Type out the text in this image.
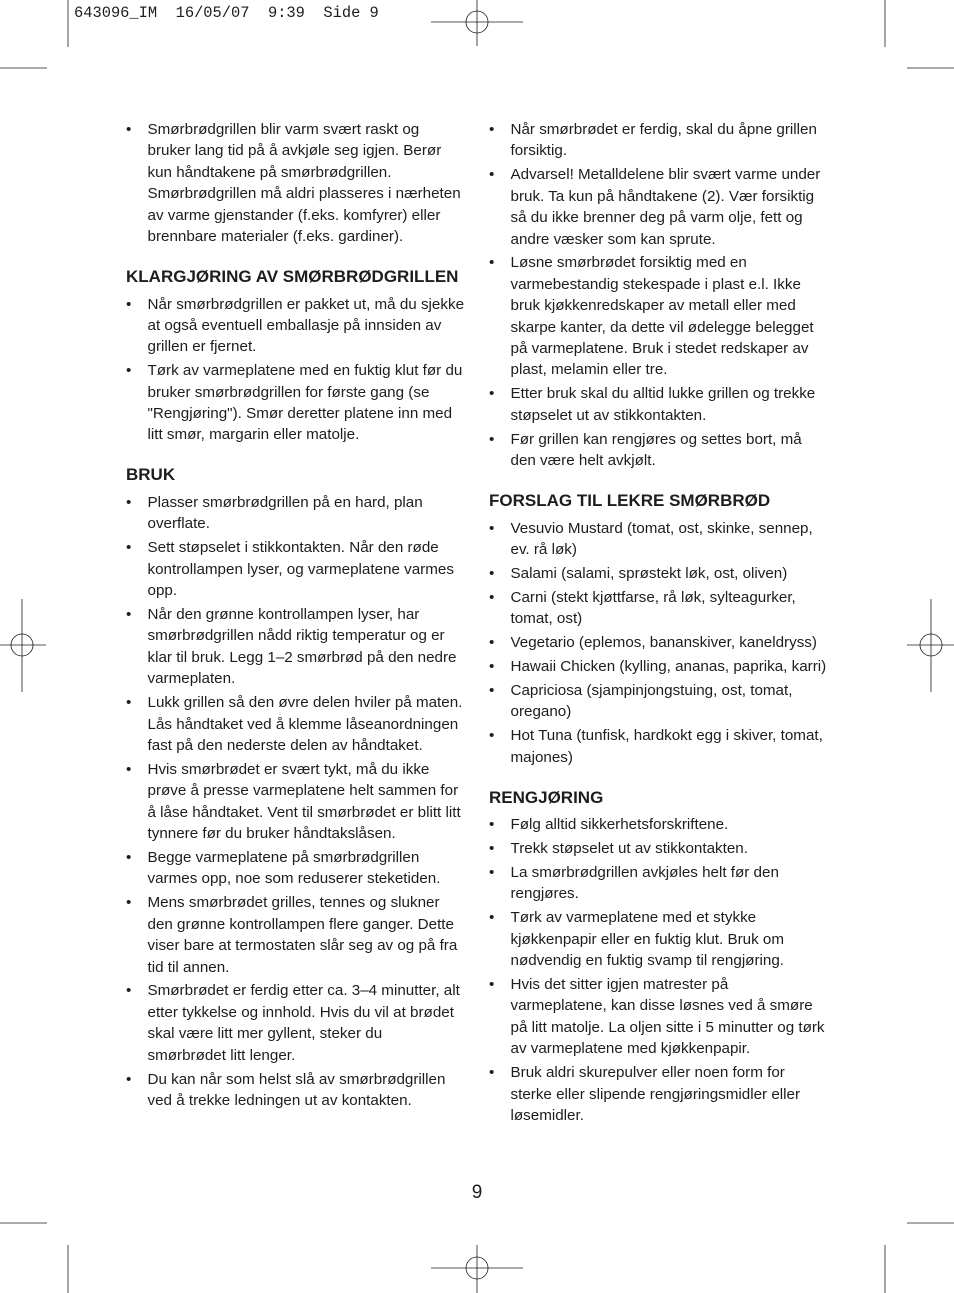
643096_IM  16/05/07  9:39  Side 9
• Smørbrødgrillen blir varm svært raskt og
bruker lang tid på å avkjøle seg igjen. Berør
kun håndtakene på smørbrødgrillen.
Smørbrødgrillen må aldri plasseres i nærheten
av varme gjenstander (f.eks. komfyrer) eller
brennbare materialer (f.eks. gardiner).
KLARGJØRING AV SMØRBRØDGRILLEN
• Når smørbrødgrillen er pakket ut, må du sjekke
at også eventuell emballasje på innsiden av
grillen er fjernet.
• Tørk av varmeplatene med en fuktig klut før du
bruker smørbrødgrillen for første gang (se
"Rengjøring"). Smør deretter platene inn med
litt smør, margarin eller matolje.
BRUK
• Plasser smørbrødgrillen på en hard, plan
overflate.
• Sett støpselet i stikkontakten. Når den røde
kontrollampen lyser, og varmeplatene varmes
opp.
• Når den grønne kontrollampen lyser, har
smørbrødgrillen nådd riktig temperatur og er
klar til bruk. Legg 1–2 smørbrød på den nedre
varmeplaten.
• Lukk grillen så den øvre delen hviler på maten.
Lås håndtaket ved å klemme låseanordningen
fast på den nederste delen av håndtaket.
• Hvis smørbrødet er svært tykt, må du ikke
prøve å presse varmeplatene helt sammen for
å låse håndtaket. Vent til smørbrødet er blitt litt
tynnere før du bruker håndtakslåsen.
• Begge varmeplatene på smørbrødgrillen
varmes opp, noe som reduserer steketiden.
• Mens smørbrødet grilles, tennes og slukner
den grønne kontrollampen flere ganger. Dette
viser bare at termostaten slår seg av og på fra
tid til annen.
• Smørbrødet er ferdig etter ca. 3–4 minutter, alt
etter tykkelse og innhold. Hvis du vil at brødet
skal være litt mer gyllent, steker du
smørbrødet litt lenger.
• Du kan når som helst slå av smørbrødgrillen
ved å trekke ledningen ut av kontakten.
• Når smørbrødet er ferdig, skal du åpne grillen
forsiktig.
• Advarsel! Metalldelene blir svært varme under
bruk. Ta kun på håndtakene (2). Vær forsiktig
så du ikke brenner deg på varm olje, fett og
andre væsker som kan sprute.
• Løsne smørbrødet forsiktig med en
varmebestandig stekespade i plast e.l. Ikke
bruk kjøkkenredskaper av metall eller med
skarpe kanter, da dette vil ødelegge belegget
på varmeplatene. Bruk i stedet redskaper av
plast, melamin eller tre.
• Etter bruk skal du alltid lukke grillen og trekke
støpselet ut av stikkontakten.
• Før grillen kan rengjøres og settes bort, må
den være helt avkjølt.
FORSLAG TIL LEKRE SMØRBRØD
• Vesuvio Mustard (tomat, ost, skinke, sennep,
ev. rå løk)
• Salami (salami, sprøstekt løk, ost, oliven)
• Carni (stekt kjøttfarse, rå løk, sylteagurker,
tomat, ost)
• Vegetario (eplemos, bananskiver, kaneldryss)
• Hawaii Chicken (kylling, ananas, paprika, karri)
• Capriciosa (sjampinjongstuing, ost, tomat,
oregano)
• Hot Tuna (tunfisk, hardkokt egg i skiver, tomat,
majones)
RENGJØRING
• Følg alltid sikkerhetsforskriftene.
• Trekk støpselet ut av stikkontakten.
• La smørbrødgrillen avkjøles helt før den
rengjøres.
• Tørk av varmeplatene med et stykke
kjøkkenpapir eller en fuktig klut. Bruk om
nødvendig en fuktig svamp til rengjøring.
• Hvis det sitter igjen matrester på
varmeplatene, kan disse løsnes ved å smøre
på litt matolje. La oljen sitte i 5 minutter og tørk
av varmeplatene med kjøkkenpapir.
• Bruk aldri skurepulver eller noen form for
sterke eller slipende rengjøringsmidler eller
løsemidler.
9
